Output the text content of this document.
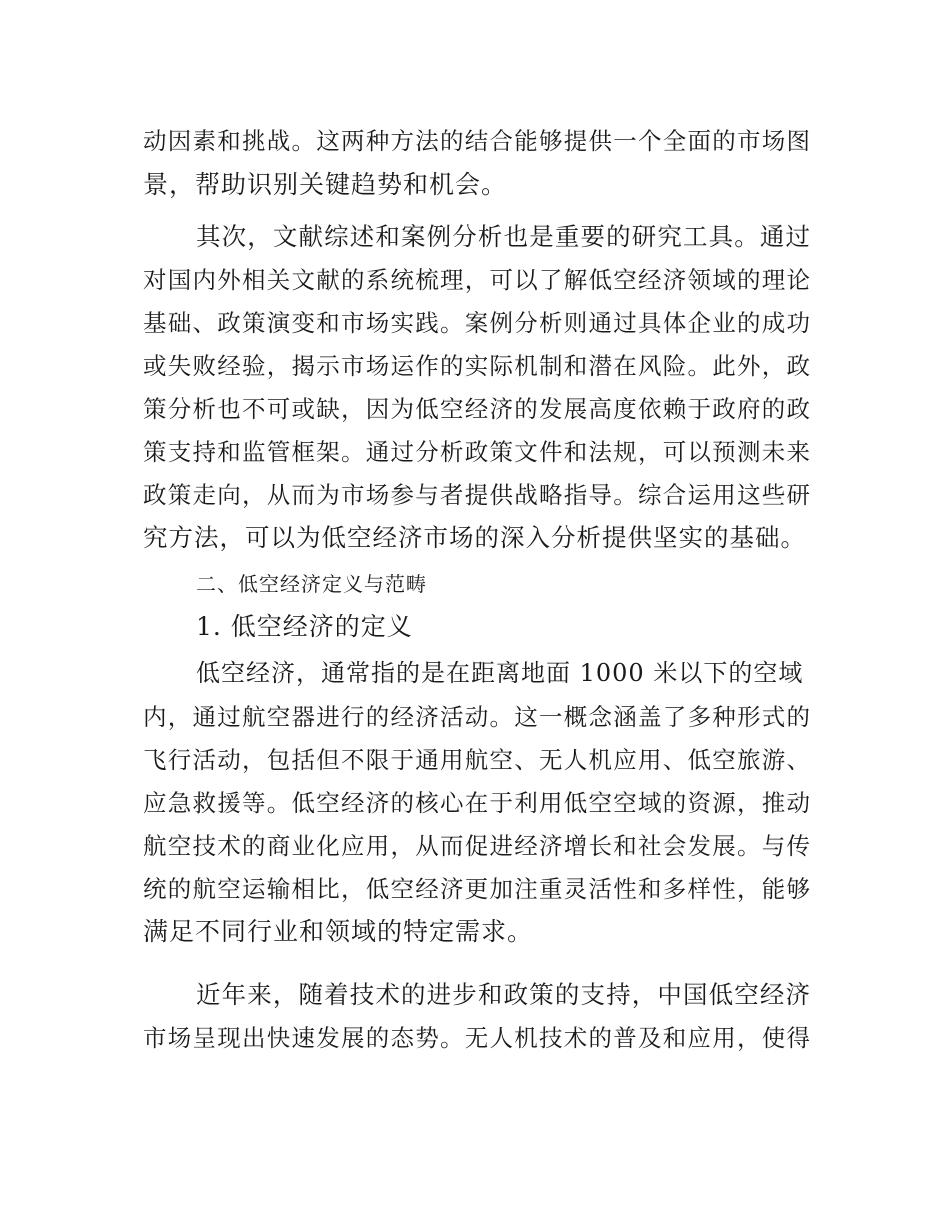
动因素和挑战。这两种方法的结合能够提供一个全面的市场图
景，帮助识别关键趋势和机会。
其次，文献综述和案例分析也是重要的研究工具。通过
对国内外相关文献的系统梳理，可以了解低空经济领域的理论
基础、政策演变和市场实践。案例分析则通过具体企业的成功
或失败经验，揭示市场运作的实际机制和潜在风险。此外，政
策分析也不可或缺，因为低空经济的发展高度依赖于政府的政
策支持和监管框架。通过分析政策文件和法规，可以预测未来
政策走向，从而为市场参与者提供战略指导。综合运用这些研
究方法，可以为低空经济市场的深入分析提供坚实的基础。
二、低空经济定义与范畴
1. 低空经济的定义
低空经济，通常指的是在距离地面 1000 米以下的空域
内，通过航空器进行的经济活动。这一概念涵盖了多种形式的
飞行活动，包括但不限于通用航空、无人机应用、低空旅游、
应急救援等。低空经济的核心在于利用低空空域的资源，推动
航空技术的商业化应用，从而促进经济增长和社会发展。与传
统的航空运输相比，低空经济更加注重灵活性和多样性，能够
满足不同行业和领域的特定需求。
近年来，随着技术的进步和政策的支持，中国低空经济
市场呈现出快速发展的态势。无人机技术的普及和应用，使得
